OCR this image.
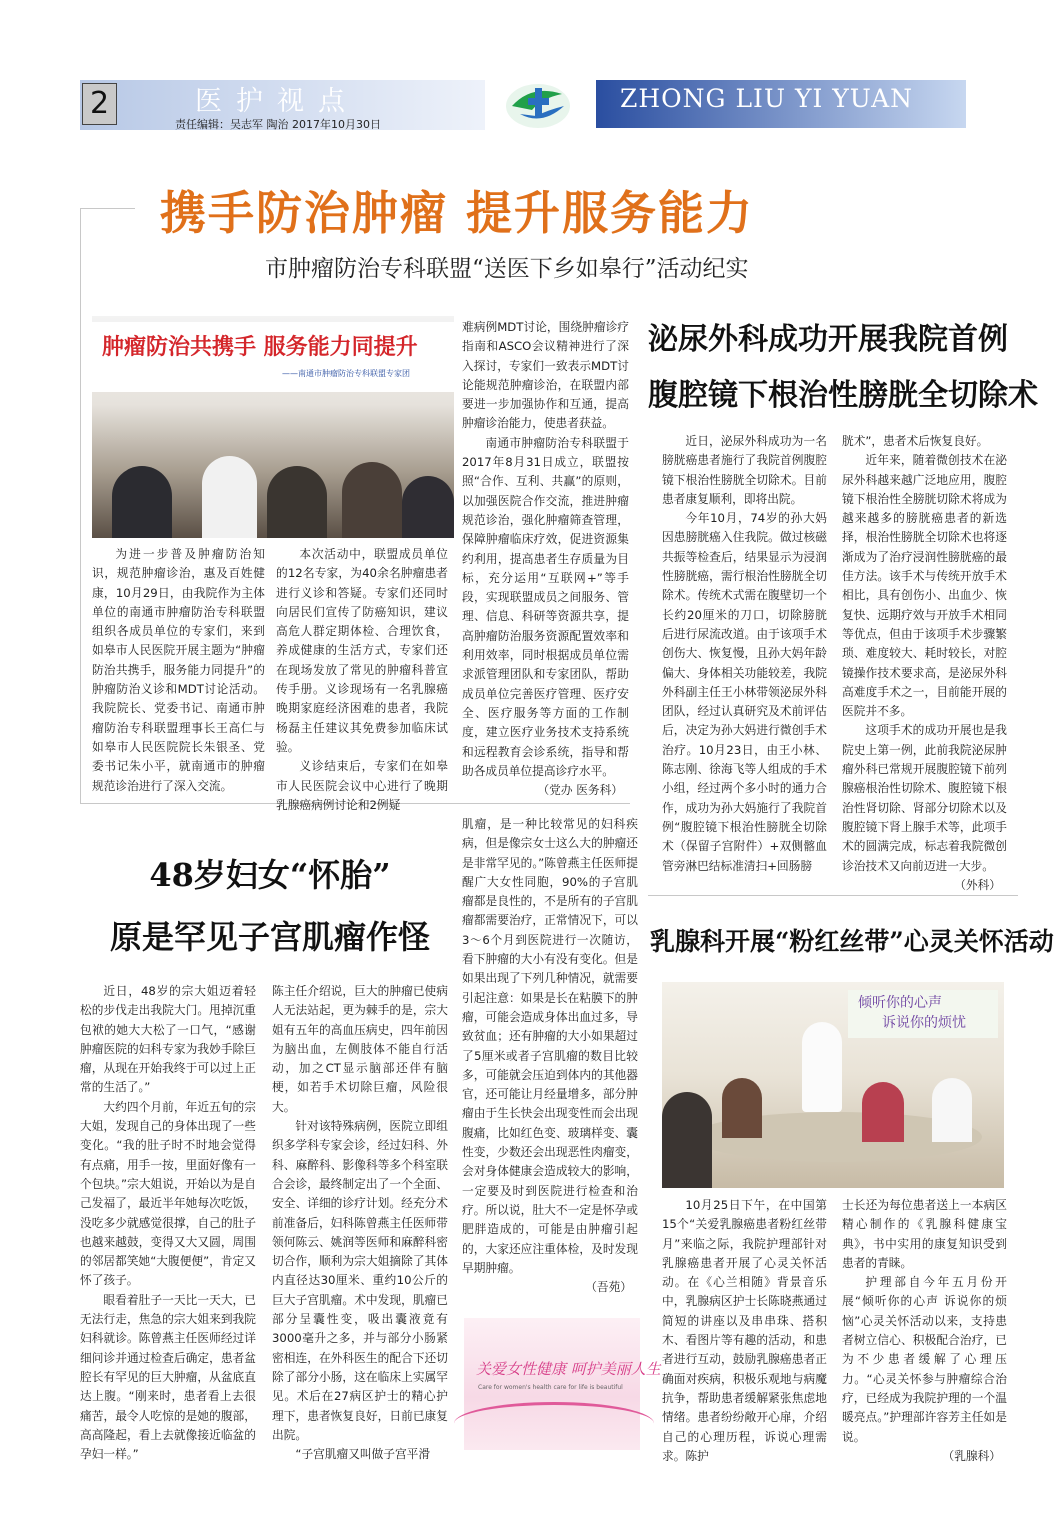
2	医护视点
责任编辑：吴志军 陶治 2017年10月30日
ZHONG LIU YI YUAN
携手防治肿瘤 提升服务能力
市肿瘤防治专科联盟“送医下乡如皋行”活动纪实
肿瘤防治共携手 服务能力同提升
——南通市肿瘤防治专科联盟专家团

为进一步普及肿瘤防治知识，规范肿瘤诊治，惠及百姓健康，10月29日，由我院作为主体单位的南通市肿瘤防治专科联盟组织各成员单位的专家们，来到如皋市人民医院开展主题为“肿瘤防治共携手，服务能力同提升”的肿瘤防治义诊和MDT讨论活动。我院院长、党委书记、南通市肿瘤防治专科联盟理事长王高仁与如皋市人民医院院长朱银圣、党委书记朱小平，就南通市的肿瘤规范诊治进行了深入交流。

本次活动中，联盟成员单位的12名专家，为40余名肿瘤患者进行义诊和答疑。专家们还同时向居民们宣传了防癌知识，建议高危人群定期体检、合理饮食，养成健康的生活方式，专家们还在现场发放了常见的肿瘤科普宣传手册。义诊现场有一名乳腺癌晚期家庭经济困难的患者，我院杨磊主任建议其免费参加临床试验。

义诊结束后，专家们在如皋市人民医院会议中心进行了晚期乳腺癌病例讨论和2例疑

难病例MDT讨论，围绕肿瘤诊疗指南和ASCO会议精神进行了深入探讨，专家们一致表示MDT讨论能规范肿瘤诊治，在联盟内部要进一步加强协作和互通，提高肿瘤诊治能力，使患者获益。

南通市肿瘤防治专科联盟于2017年8月31日成立，联盟按照“合作、互利、共赢”的原则，以加强医院合作交流，推进肿瘤规范诊治，强化肿瘤筛查管理，保障肿瘤临床疗效，促进资源集约利用，提高患者生存质量为目标，充分运用“互联网+”等手段，实现联盟成员之间服务、管理、信息、科研等资源共享，提高肿瘤防治服务资源配置效率和利用效率，同时根据成员单位需求派管理团队和专家团队，帮助成员单位完善医疗管理、医疗安全、医疗服务等方面的工作制度，建立医疗业务技术支持系统和远程教育会诊系统，指导和帮助各成员单位提高诊疗水平。

（党办 医务科）

泌尿外科成功开展我院首例
腹腔镜下根治性膀胱全切除术

近日，泌尿外科成功为一名膀胱癌患者施行了我院首例腹腔镜下根治性膀胱全切除术。目前患者康复顺利，即将出院。

今年10月，74岁的孙大妈因患膀胱癌入住我院。做过核磁共振等检查后，结果显示为浸润性膀胱癌，需行根治性膀胱全切除术。传统术式需在腹壁切一个长约20厘米的刀口，切除膀胱后进行尿流改道。由于该项手术创伤大、恢复慢，且孙大妈年龄偏大、身体相关功能较差，我院外科副主任王小林带领泌尿外科团队，经过认真研究及术前评估后，决定为孙大妈进行微创手术治疗。10月23日，由王小林、陈志刚、徐海飞等人组成的手术小组，经过两个多小时的通力合作，成功为孙大妈施行了我院首例“腹腔镜下根治性膀胱全切除术（保留子宫附件）+双侧髂血管旁淋巴结标准清扫+回肠膀

胱术”，患者术后恢复良好。

近年来，随着微创技术在泌尿外科越来越广泛地应用，腹腔镜下根治性全膀胱切除术将成为越来越多的膀胱癌患者的新选择，根治性膀胱全切除术也将逐渐成为了治疗浸润性膀胱癌的最佳方法。该手术与传统开放手术相比，具有创伤小、出血少、恢复快、远期疗效与开放手术相同等优点，但由于该项手术步骤繁琐、难度较大、耗时较长，对腔镜操作技术要求高，是泌尿外科高难度手术之一，目前能开展的医院并不多。

这项手术的成功开展也是我院史上第一例，此前我院泌尿肿瘤外科已常规开展腹腔镜下前列腺癌根治性切除术、腹腔镜下根治性肾切除、肾部分切除术以及腹腔镜下肾上腺手术等，此项手术的圆满完成，标志着我院微创诊治技术又向前迈进一大步。

（外科）

48岁妇女“怀胎”
原是罕见子宫肌瘤作怪

近日，48岁的宗大姐迈着轻松的步伐走出我院大门。甩掉沉重包袱的她大大松了一口气，“感谢肿瘤医院的妇科专家为我妙手除巨瘤，从现在开始我终于可以过上正常的生活了。”

大约四个月前，年近五旬的宗大姐，发现自己的身体出现了一些变化。“我的肚子时不时地会觉得有点痛，用手一按，里面好像有一个包块。”宗大姐说，开始以为是自己发福了，最近半年她每次吃饭，没吃多少就感觉很撑，自己的肚子也越来越鼓，变得又大又圆，周围的邻居都笑她“大腹便便”，肯定又怀了孩子。

眼看着肚子一天比一天大，已无法行走，焦急的宗大姐来到我院妇科就诊。陈曾燕主任医师经过详细问诊并通过检查后确定，患者盆腔长有罕见的巨大肿瘤，从盆底直达上腹。“刚来时，患者看上去很痛苦，最令人吃惊的是她的腹部，高高隆起，看上去就像接近临盆的孕妇一样。”

陈主任介绍说，巨大的肿瘤已使病人无法站起，更为棘手的是，宗大姐有五年的高血压病史，四年前因为脑出血，左侧肢体不能自行活动，加之CT显示脑部还伴有脑梗，如若手术切除巨瘤，风险很大。

针对该特殊病例，医院立即组织多学科专家会诊，经过妇科、外科、麻醉科、影像科等多个科室联合会诊，最终制定出了一个全面、安全、详细的诊疗计划。经充分术前准备后，妇科陈曾燕主任医师带领何陈云、姚润等医师和麻醉科密切合作，顺利为宗大姐摘除了其体内直径达30厘米、重约10公斤的巨大子宫肌瘤。术中发现，肌瘤已部分呈囊性变，吸出囊液竟有3000毫升之多，并与部分小肠紧密相连，在外科医生的配合下还切除了部分小肠，这在临床上实属罕见。术后在27病区护士的精心护理下，患者恢复良好，日前已康复出院。

“子宫肌瘤又叫做子宫平滑

肌瘤，是一种比较常见的妇科疾病，但是像宗女士这么大的肿瘤还是非常罕见的。”陈曾燕主任医师提醒广大女性同胞，90%的子宫肌瘤都是良性的，不是所有的子宫肌瘤都需要治疗，正常情况下，可以3～6个月到医院进行一次随访，看下肿瘤的大小有没有变化。但是如果出现了下列几种情况，就需要引起注意：如果是长在粘膜下的肿瘤，可能会造成身体出血过多，导致贫血；还有肿瘤的大小如果超过了5厘米或者子宫肌瘤的数目比较多，可能就会压迫到体内的其他器官，还可能让月经量增多，部分肿瘤由于生长快会出现变性而会出现腹痛，比如红色变、玻璃样变、囊性变，少数还会出现恶性肉瘤变，会对身体健康会造成较大的影响，一定要及时到医院进行检查和治疗。所以说，肚大不一定是怀孕或肥胖造成的，可能是由肿瘤引起的，大家还应注重体检，及时发现早期肿瘤。

（吾苑）

关爱女性健康 呵护美丽人生
Care for women's health care for life is beautiful
乳腺科开展“粉红丝带”心灵关怀活动
倾听你的心声
诉说你的烦忧

10月25日下午，在中国第15个“关爱乳腺癌患者粉红丝带月”来临之际，我院护理部针对乳腺癌患者开展了心灵关怀活动。在《心兰相随》背景音乐中，乳腺病区护士长陈晓燕通过简短的讲座以及串串珠、搭积木、看图片等有趣的活动，和患者进行互动，鼓励乳腺癌患者正确面对疾病，积极乐观地与病魔抗争，帮助患者缓解紧张焦虑地情绪。患者纷纷敞开心扉，介绍自己的心理历程，诉说心理需求。陈护

士长还为每位患者送上一本病区精心制作的《乳腺科健康宝典》，书中实用的康复知识受到患者的青睐。

护理部自今年五月份开展“倾听你的心声 诉说你的烦恼”心灵关怀活动以来，支持患者树立信心、积极配合治疗，已为不少患者缓解了心理压力。“心灵关怀参与肿瘤综合治疗，已经成为我院护理的一个温暖亮点。”护理部许容芳主任如是说。

（乳腺科）
